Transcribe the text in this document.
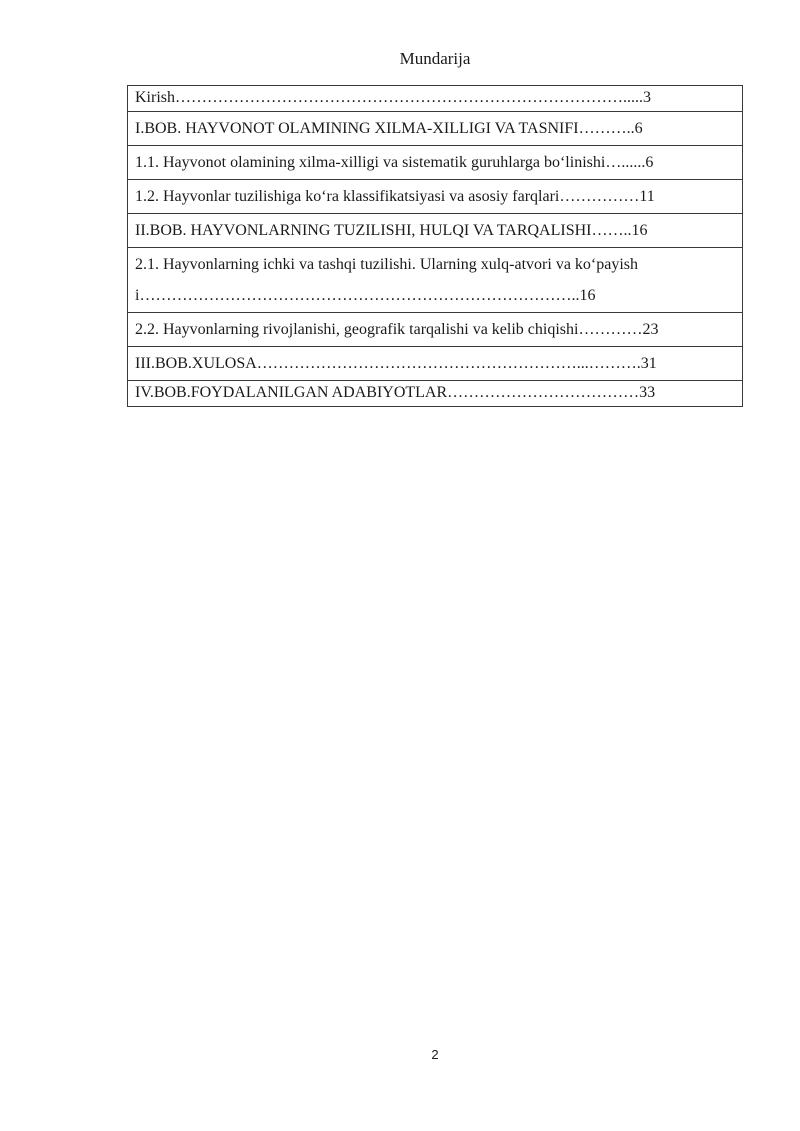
Mundarija
Kirish………………………………………………………………………….....3
I.BOB. HAYVONOT OLAMINING XILMA-XILLIGI VA TASNIFI………..6
1.1. Hayvonot olamining xilma-xilligi va sistematik guruhlarga bo‘linishi…......6
1.2. Hayvonlar tuzilishiga ko‘ra klassifikatsiyasi va asosiy farqlari……………11
II.BOB. HAYVONLARNING TUZILISHI, HULQI VA TARQALISHI……..16
2.1. Hayvonlarning ichki va tashqi tuzilishi. Ularning xulq-atvori va ko‘payishi………………………………………………………………………..16
2.2. Hayvonlarning rivojlanishi, geografik tarqalishi va kelib chiqishi…………23
III.BOB.XULOSA……………………………………………………...……….31
IV.BOB.FOYDALANILGAN ADABIYOTLAR………………………………33
2
